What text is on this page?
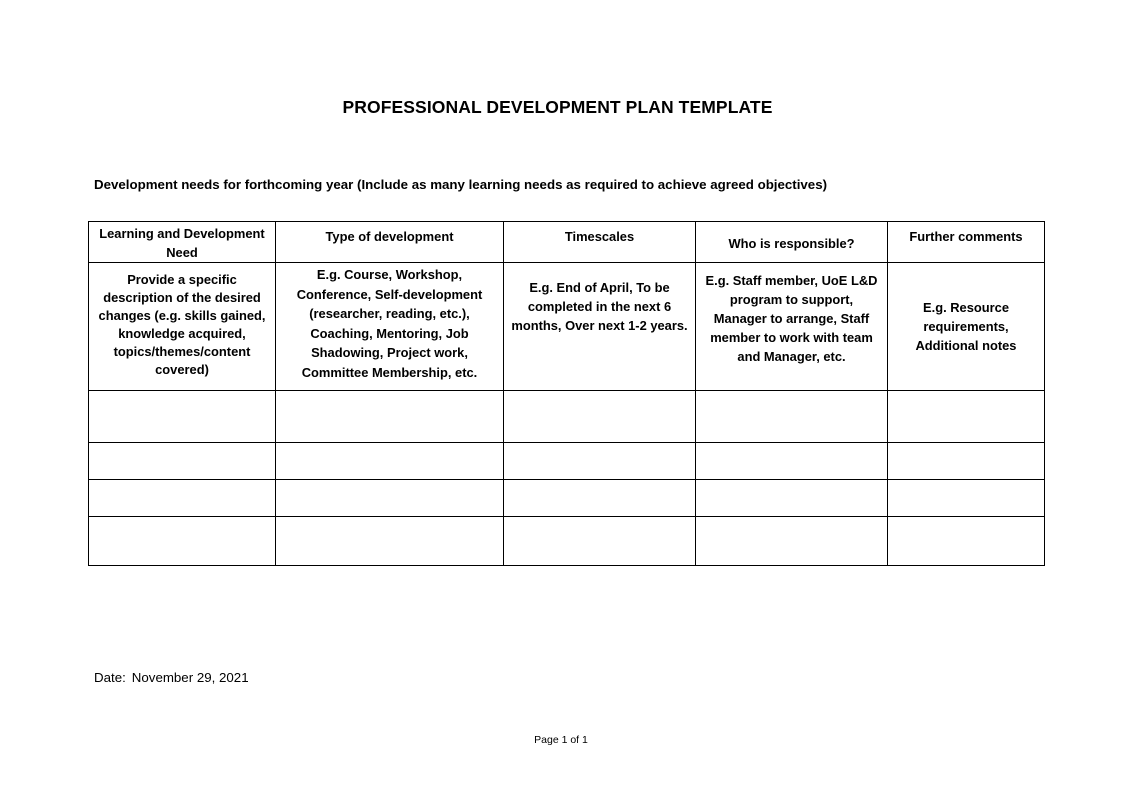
PROFESSIONAL DEVELOPMENT PLAN TEMPLATE
Development needs for forthcoming year (Include as many learning needs as required to achieve agreed objectives)
Learning and Development Need	Type of development	Timescales	Who is responsible?	Further comments
Provide a specific description of the desired changes (e.g. skills gained, knowledge acquired, topics/themes/content covered)	E.g. Course, Workshop, Conference, Self-development (researcher, reading, etc.), Coaching, Mentoring, Job Shadowing, Project work, Committee Membership, etc.	E.g. End of April, To be completed in the next 6 months, Over next 1-2 years.	E.g. Staff member, UoE L&D program to support, Manager to arrange, Staff member to work with team and Manager, etc.	E.g. Resource requirements, Additional notes

Date: November 29, 2021
Page 1 of 1
